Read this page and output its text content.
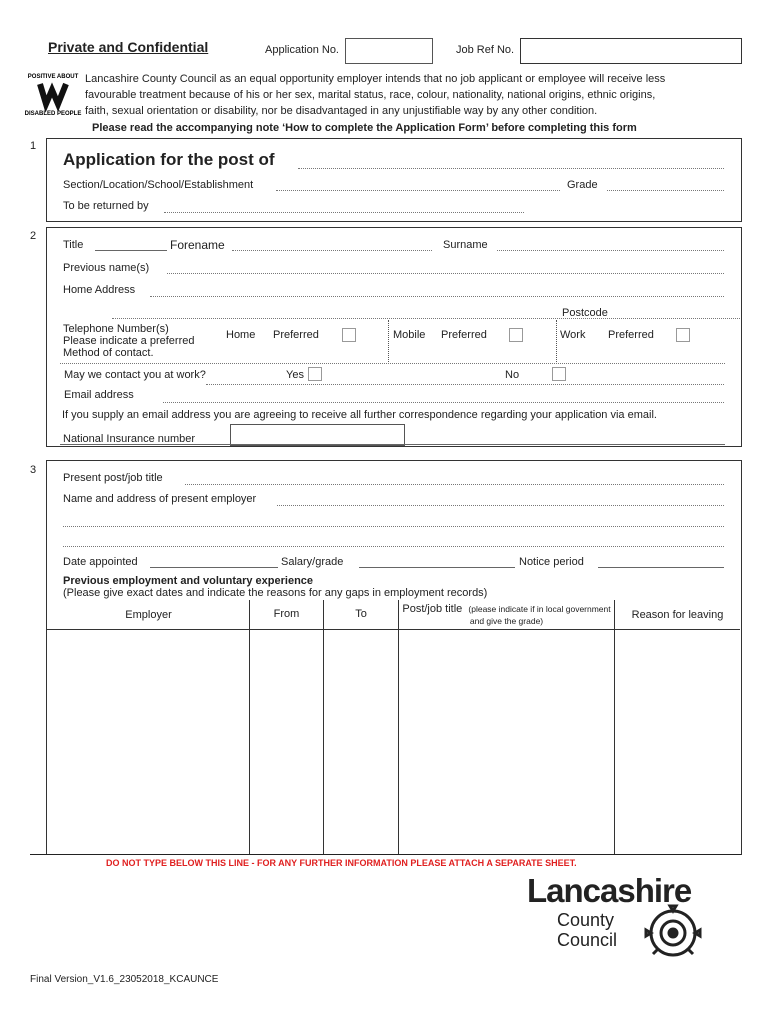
Private and Confidential	Application No.	Job Ref No.
POSITIVE ABOUT
DISABLED PEOPLE
Lancashire County Council as an equal opportunity employer intends that no job applicant or employee will receive less
favourable treatment because of his or her sex, marital status, race, colour, nationality, national origins, ethnic origins,
faith, sexual orientation or disability, nor be disadvantaged in any unjustifiable way by any other condition.
Please read the accompanying note ‘How to complete the Application Form’ before completing this form
1
Application for the post of
Section/Location/School/Establishment	Grade
To be returned by
2
Title	Forename	Surname
Previous name(s)
Home Address
Postcode
Telephone Number(s)
Please indicate a preferred
Method of contact.
Home Preferred	Mobile Preferred	Work Preferred
May we contact you at work?	Yes	No
Email address
If you supply an email address you are agreeing to receive all further correspondence regarding your application via email.
National Insurance number
3
Present post/job title
Name and address of present employer
Date appointed	Salary/grade	Notice period
Previous employment and voluntary experience
(Please give exact dates and indicate the reasons for any gaps in employment records)
Employer	From	To	Post/job title (please indicate if in local government and give the grade)	Reason for leaving
DO NOT TYPE BELOW THIS LINE - FOR ANY FURTHER INFORMATION PLEASE ATTACH A SEPARATE SHEET.
Lancashire
County
Council
Final Version_V1.6_23052018_KCAUNCE
